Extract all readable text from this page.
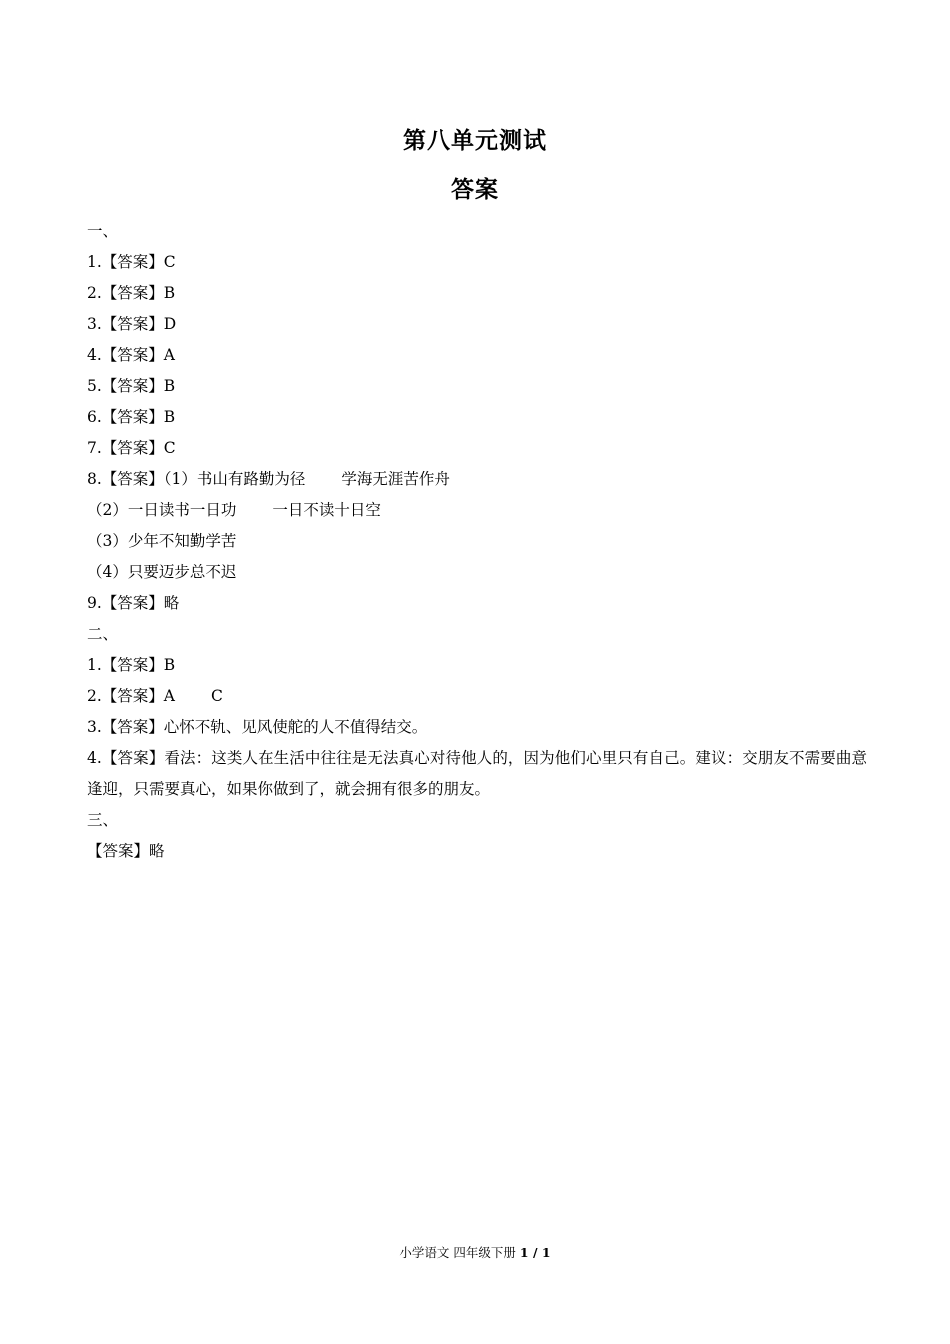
第八单元测试
答案
一、
1.【答案】C
2.【答案】B
3.【答案】D
4.【答案】A
5.【答案】B
6.【答案】B
7.【答案】C
8.【答案】（1）书山有路勤为径 学海无涯苦作舟
（2）一日读书一日功 一日不读十日空
（3）少年不知勤学苦
（4）只要迈步总不迟
9.【答案】略
二、
1.【答案】B
2.【答案】A C
3.【答案】心怀不轨、见风使舵的人不值得结交。
4.【答案】看法：这类人在生活中往往是无法真心对待他人的，因为他们心里只有自己。建议：交朋友不需要曲意逢迎，只需要真心，如果你做到了，就会拥有很多的朋友。
三、
【答案】略
小学语文 四年级下册 1 / 1
